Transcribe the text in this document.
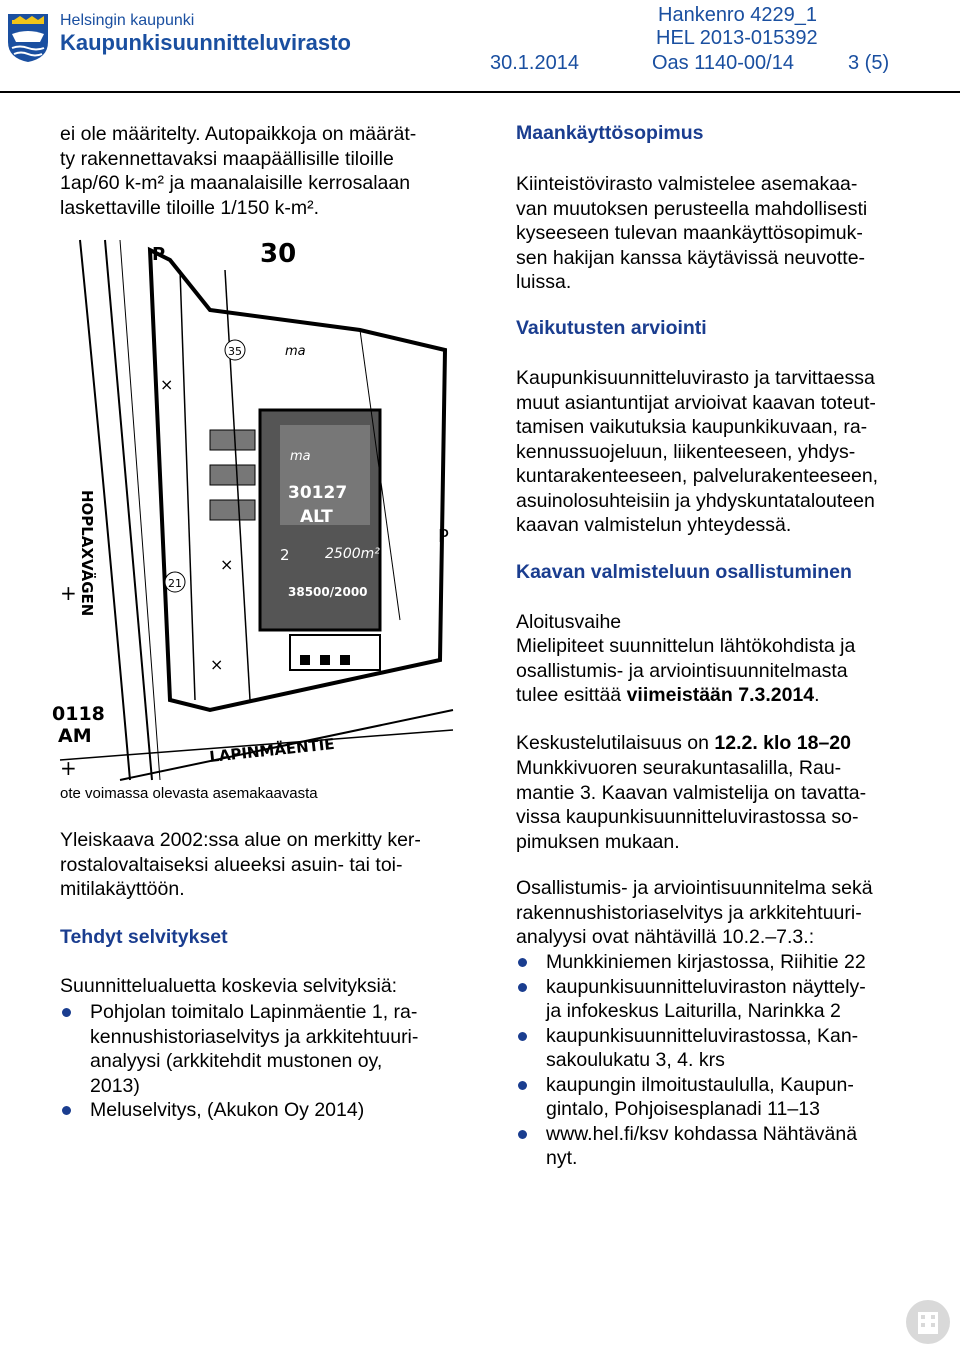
Helsingin kaupunki
Kaupunkisuunnitteluvirasto
Hankenro 4229_1
HEL 2013-015392
30.1.2014	Oas 1140-00/14	3 (5)
ei ole määritelty. Autopaikkoja on määrät-
ty rakennettavaksi maapäällisille tiloille
1ap/60 k-m² ja maanalaisille kerrosalaan
laskettaville tiloille 1/150 k-m².
×
×
×
+
+
30
P
ma
ma
35
21
30127
ALT
2	2500m²
38500/2000
P
HOPLAXVÄGEN
LAPINMÄENTIE
0118
AM
ote voimassa olevasta asemakaavasta
Yleiskaava 2002:ssa alue on merkitty ker-
rostalovaltaiseksi alueeksi asuin- tai toi-
mitilakäyttöön.
Tehdyt selvitykset
Suunnittelualuetta koskevia selvityksiä:
Pohjolan toimitalo Lapinmäentie 1, ra-
kennushistoriaselvitys ja arkkitehtuuri-
analyysi (arkkitehdit mustonen oy,
2013)
Meluselvitys, (Akukon Oy 2014)
Maankäyttösopimus
Kiinteistövirasto valmistelee asemakaa-
van muutoksen perusteella mahdollisesti
kyseeseen tulevan maankäyttösopimuk-
sen hakijan kanssa käytävissä neuvotte-
luissa.
Vaikutusten arviointi
Kaupunkisuunnitteluvirasto ja tarvittaessa
muut asiantuntijat arvioivat kaavan toteut-
tamisen vaikutuksia kaupunkikuvaan, ra-
kennussuojeluun, liikenteeseen, yhdys-
kuntarakenteeseen, palvelurakenteeseen,
asuinolosuhteisiin ja yhdyskuntatalouteen
kaavan valmistelun yhteydessä.
Kaavan valmisteluun osallistuminen
Aloitusvaihe
Mielipiteet suunnittelun lähtökohdista ja
osallistumis- ja arviointisuunnitelmasta
tulee esittää viimeistään 7.3.2014.
Keskustelutilaisuus on 12.2. klo 18–20
Munkkivuoren seurakuntasalilla, Rau-
mantie 3. Kaavan valmistelija on tavatta-
vissa kaupunkisuunnitteluvirastossa so-
pimuksen mukaan.
Osallistumis- ja arviointisuunnitelma sekä
rakennushistoriaselvitys ja arkkitehtuuri-
analyysi ovat nähtävillä 10.2.–7.3.:
Munkkiniemen kirjastossa, Riihitie 22
kaupunkisuunnitteluviraston näyttely-
ja infokeskus Laiturilla, Narinkka 2
kaupunkisuunnitteluvirastossa, Kan-
sakoulukatu 3, 4. krs
kaupungin ilmoitustaululla, Kaupun-
gintalo, Pohjoisesplanadi 11–13
www.hel.fi/ksv kohdassa Nähtävänä
nyt.
